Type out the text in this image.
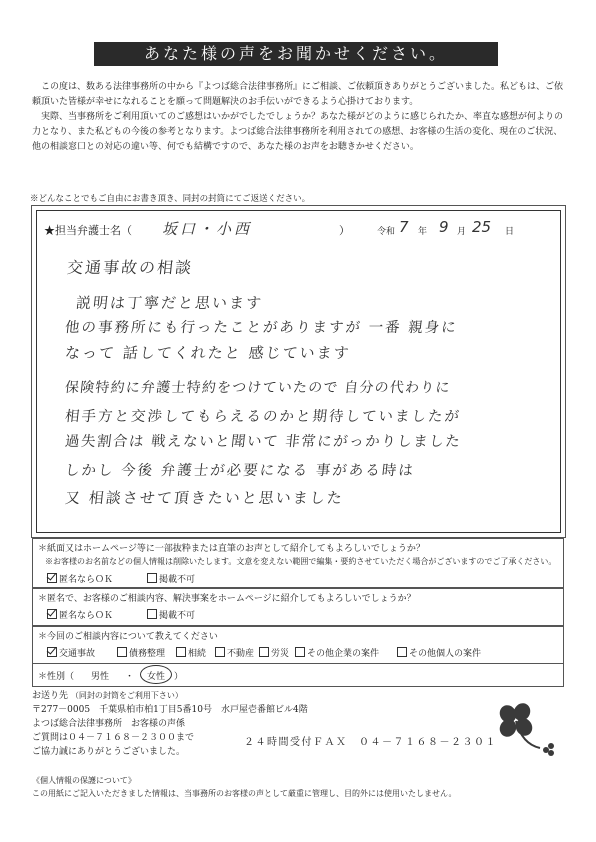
あなた様の声をお聞かせください。

この度は、数ある法律事務所の中から『よつば総合法律事務所』にご相談、ご依頼頂きありがとうございました。私どもは、ご依頼頂いた皆様が幸せになれることを願って問題解決のお手伝いができるよう心掛けております。

実際、当事務所をご利用頂いてのご感想はいかがでしたでしょうか？あなた様がどのように感じられたか、率直な感想が何よりの力となり、また私どもの今後の参考となります。よつば総合法律事務所を利用されての感想、お客様の生活の変化、現在のご状況、他の相談窓口との対応の違い等、何でも結構ですので、あなた様のお声をお聴きかせください。

※どんなことでもご自由にお書き頂き、同封の封筒にてご返送ください。
★担当弁護士名（ 坂口・小西	）	令和 7 年 9 月 25 日
交通事故の相談
説明は丁寧だと思います
他の事務所にも行ったことがありますが 一番 親身に
なって 話してくれたと 感じています
保険特約に弁護士特約をつけていたので 自分の代わりに
相手方と交渉してもらえるのかと期待していましたが
過失割合は 戦えないと聞いて 非常にがっかりしました
しかし 今後 弁護士が必要になる 事がある時は
又 相談させて頂きたいと思いました
＊紙面又はホームページ等に一部抜粋または直筆のお声として紹介してもよろしいでしょうか？
※お客様のお名前などの個人情報は削除いたします。文意を変えない範囲で編集・要約させていただく場合がございますのでご了承ください。
匿名ならＯＫ	掲載不可
＊匿名で、お客様のご相談内容、解決事案をホームページに紹介してもよろしいでしょうか？
匿名ならＯＫ	掲載不可
＊今回のご相談内容について教えてください
交通事故	債務整理	相続	不動産	労災	その他企業の案件	その他個人の案件
＊性別（ 男性 ・ 女性 ）
お送り先 （同封の封筒をご利用下さい）
〒277－0005　千葉県柏市柏1丁目5番10号　水戸屋壱番館ビル4階
よつば総合法律事務所　お客様の声係
ご質問は０４－７１６８－２３００まで
ご協力誠にありがとうございました。
２４時間受付ＦＡＸ　０４－７１６８－２３０１
《個人情報の保護について》
この用紙にご記入いただきました情報は、当事務所のお客様の声として厳重に管理し、目的外には使用いたしません。
